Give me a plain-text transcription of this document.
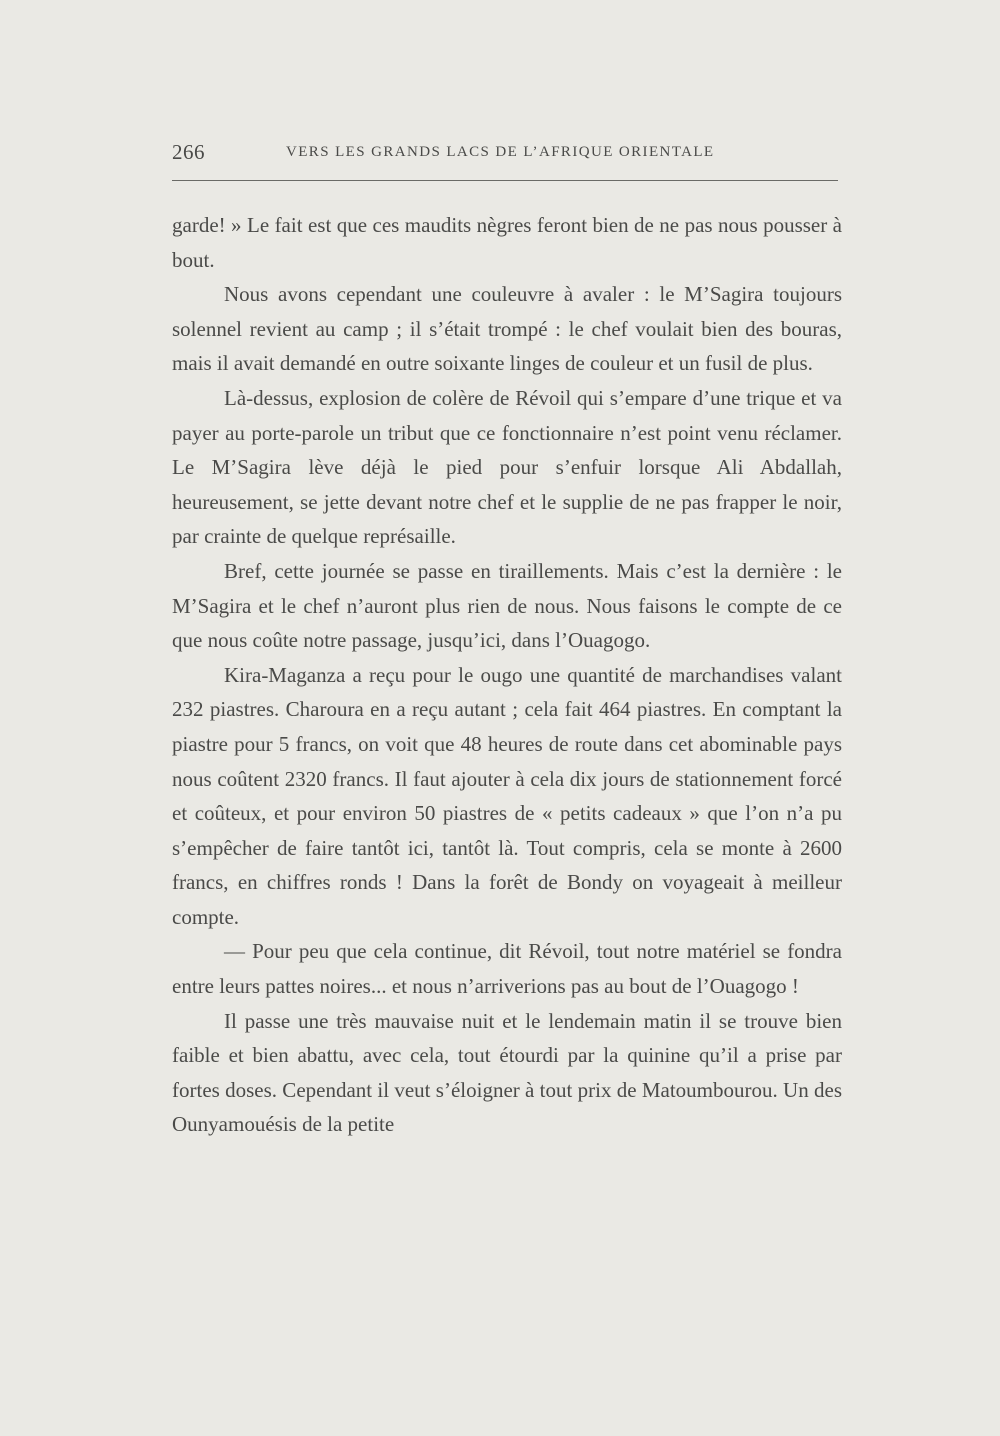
266	VERS LES GRANDS LACS DE L’AFRIQUE ORIENTALE

garde! » Le fait est que ces maudits nègres feront bien de ne pas nous pousser à bout.

Nous avons cependant une couleuvre à avaler : le M’Sagira toujours solennel revient au camp ; il s’était trompé : le chef voulait bien des bouras, mais il avait demandé en outre soixante linges de couleur et un fusil de plus.

Là-dessus, explosion de colère de Révoil qui s’empare d’une trique et va payer au porte-parole un tribut que ce fonctionnaire n’est point venu réclamer. Le M’Sagira lève déjà le pied pour s’enfuir lorsque Ali Abdallah, heureusement, se jette devant notre chef et le supplie de ne pas frapper le noir, par crainte de quelque représaille.

Bref, cette journée se passe en tiraillements. Mais c’est la dernière : le M’Sagira et le chef n’auront plus rien de nous. Nous faisons le compte de ce que nous coûte notre passage, jusqu’ici, dans l’Ouagogo.

Kira-Maganza a reçu pour le ougo une quantité de marchandises valant 232 piastres. Charoura en a reçu autant ; cela fait 464 piastres. En comptant la piastre pour 5 francs, on voit que 48 heures de route dans cet abominable pays nous coûtent 2320 francs. Il faut ajouter à cela dix jours de stationnement forcé et coûteux, et pour environ 50 piastres de « petits cadeaux » que l’on n’a pu s’empêcher de faire tantôt ici, tantôt là. Tout compris, cela se monte à 2600 francs, en chiffres ronds ! Dans la forêt de Bondy on voyageait à meilleur compte.

— Pour peu que cela continue, dit Révoil, tout notre matériel se fondra entre leurs pattes noires... et nous n’arriverions pas au bout de l’Ouagogo !

Il passe une très mauvaise nuit et le lendemain matin il se trouve bien faible et bien abattu, avec cela, tout étourdi par la quinine qu’il a prise par fortes doses. Cependant il veut s’éloigner à tout prix de Matoumbourou. Un des Ounyamouésis de la petite
